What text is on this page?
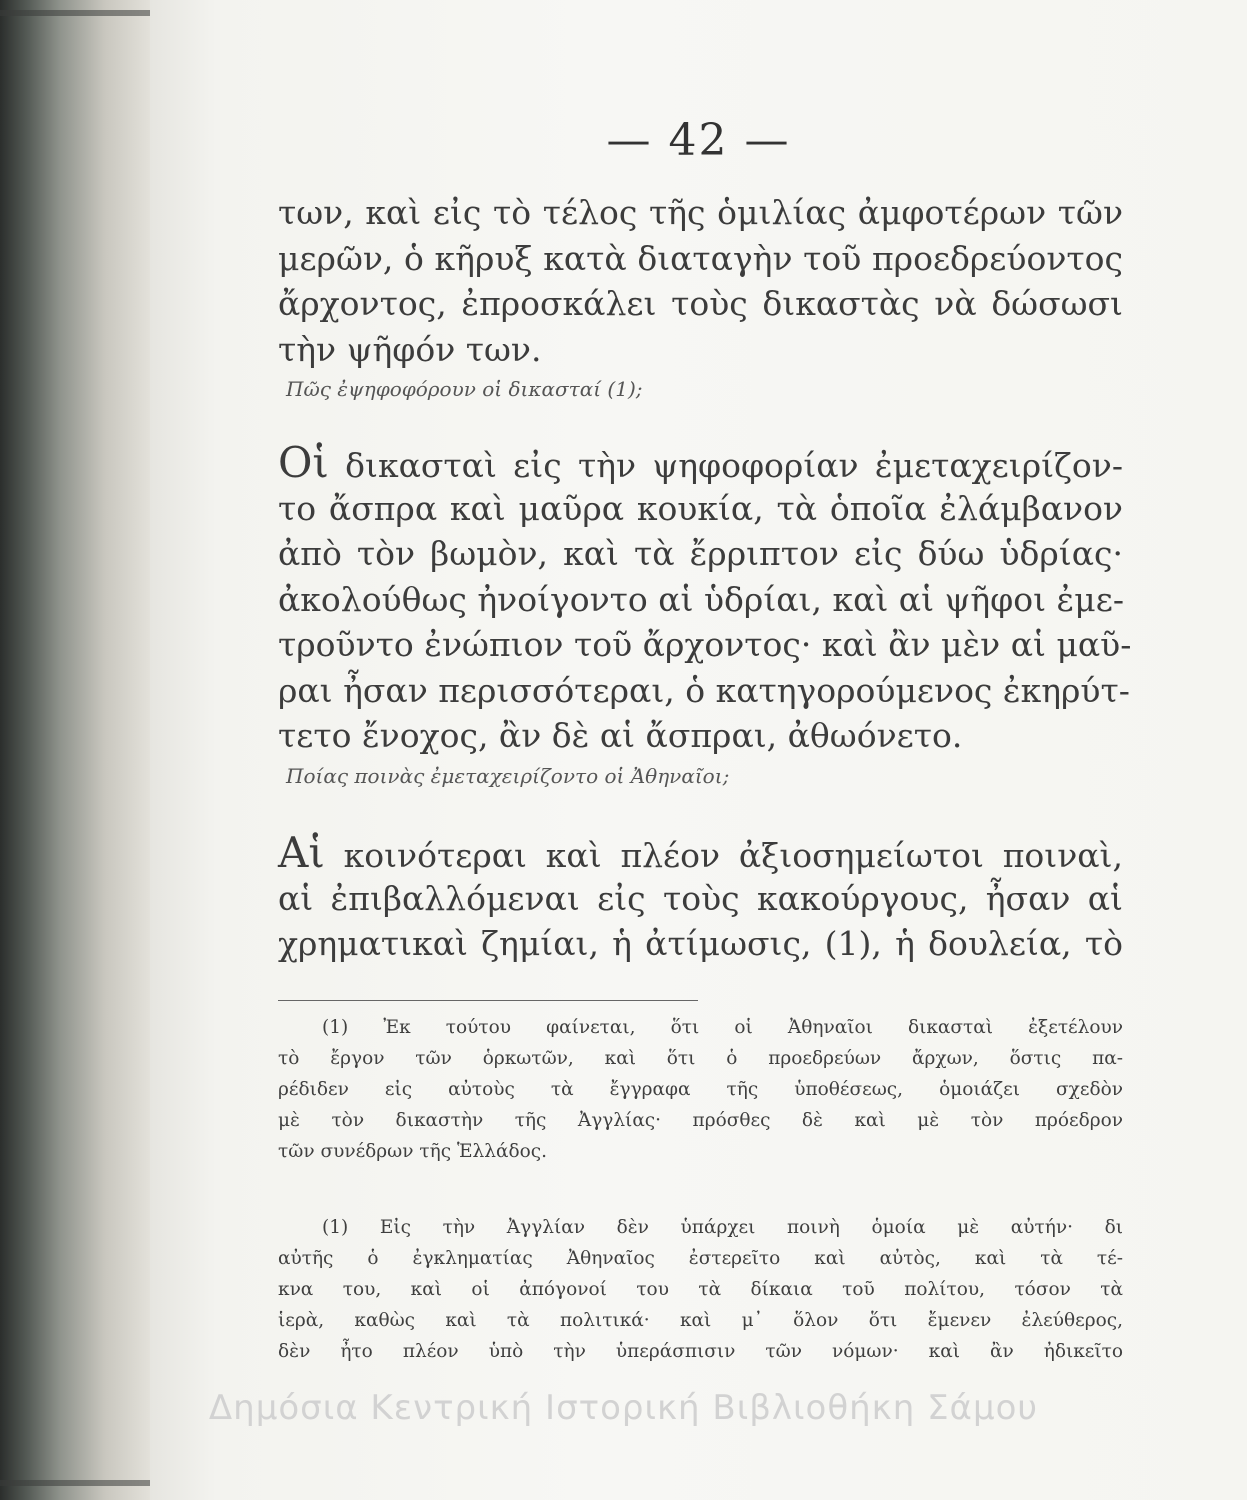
— 42 —
των, καὶ εἰς τὸ τέλος τῆς ὁμιλίας ἀμφοτέρων τῶν
μερῶν, ὁ κῆρυξ κατὰ διαταγὴν τοῦ προεδρεύοντος
ἄρχοντος, ἐπροσκάλει τοὺς δικαστὰς νὰ δώσωσι
τὴν ψῆφόν των.
Πῶς ἐψηφοφόρουν οἱ δικασταί (1);
Οἱ δικασταὶ εἰς τὴν ψηφοφορίαν ἐμεταχειρίζον-
το ἄσπρα καὶ μαῦρα κουκία, τὰ ὁποῖα ἐλάμβανον
ἀπὸ τὸν βωμὸν, καὶ τὰ ἔρριπτον εἰς δύω ὑδρίας·
ἀκολούθως ἠνοίγοντο αἱ ὑδρίαι, καὶ αἱ ψῆφοι ἐμε-
τροῦντο ἐνώπιον τοῦ ἄρχοντος· καὶ ἂν μὲν αἱ μαῦ-
ραι ἦσαν περισσότεραι, ὁ κατηγορούμενος ἐκηρύτ-
τετο ἔνοχος, ἂν δὲ αἱ ἄσπραι, ἀθωόνετο.
Ποίας ποινὰς ἐμεταχειρίζοντο οἱ Ἀθηναῖοι;
Αἱ κοινότεραι καὶ πλέον ἀξιοσημείωτοι ποιναὶ,
αἱ ἐπιβαλλόμεναι εἰς τοὺς κακούργους, ἦσαν αἱ
χρηματικαὶ ζημίαι, ἡ ἀτίμωσις, (1), ἡ δουλεία, τὸ
(1) Ἐκ τούτου φαίνεται, ὅτι οἱ Ἀθηναῖοι δικασταὶ ἐξετέλουν
τὸ ἔργον τῶν ὁρκωτῶν, καὶ ὅτι ὁ προεδρεύων ἄρχων, ὅστις πα-
ρέδιδεν εἰς αὐτοὺς τὰ ἔγγραφα τῆς ὑποθέσεως, ὁμοιάζει σχεδὸν
μὲ τὸν δικαστὴν τῆς Ἀγγλίας· πρόσθες δὲ καὶ μὲ τὸν πρόεδρον
τῶν συνέδρων τῆς Ἑλλάδος.
(1) Εἰς τὴν Ἀγγλίαν δὲν ὑπάρχει ποινὴ ὁμοία μὲ αὐτήν· δι
αὐτῆς ὁ ἐγκληματίας Ἀθηναῖος ἐστερεῖτο καὶ αὐτὸς, καὶ τὰ τέ-
κνα του, καὶ οἱ ἀπόγονοί του τὰ δίκαια τοῦ πολίτου, τόσον τὰ
ἱερὰ, καθὼς καὶ τὰ πολιτικά· καὶ μ᾽ ὅλον ὅτι ἔμενεν ἐλεύθερος,
δὲν ἦτο πλέον ὑπὸ τὴν ὑπεράσπισιν τῶν νόμων· καὶ ἂν ἠδικεῖτο
Δημόσια Κεντρική Ιστορική Βιβλιοθήκη Σάμου
